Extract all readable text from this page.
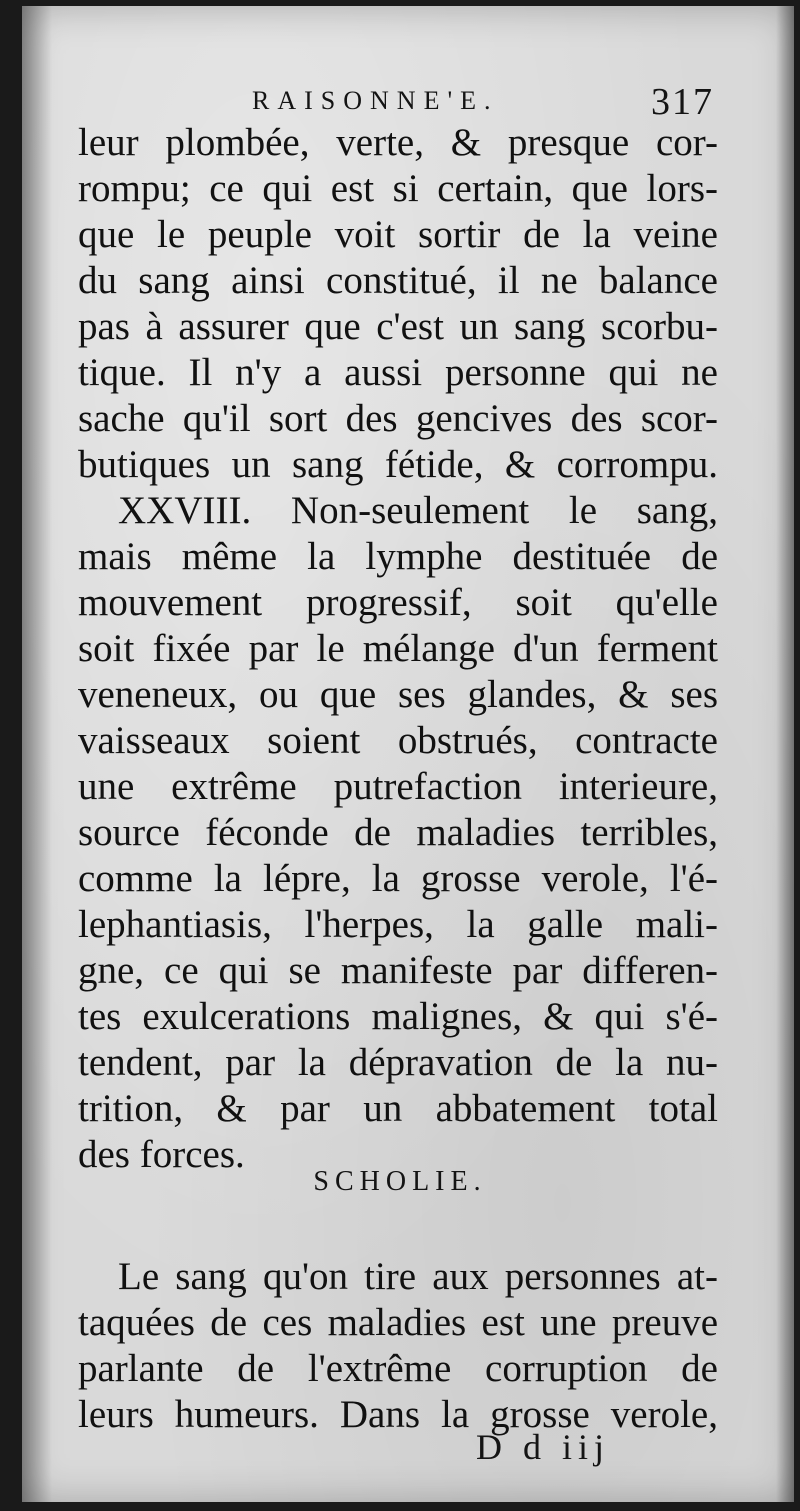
RAISONNE'E.	317
leur plombée, verte, & presque cor-
rompu; ce qui est si certain, que lors-
que le peuple voit sortir de la veine
du sang ainsi constitué, il ne balance
pas à assurer que c'est un sang scorbu-
tique. Il n'y a aussi personne qui ne
sache qu'il sort des gencives des scor-
butiques un sang fétide, & corrompu.
XXVIII. Non-seulement le sang,
mais même la lymphe destituée de
mouvement progressif, soit qu'elle
soit fixée par le mélange d'un ferment
veneneux, ou que ses glandes, & ses
vaisseaux soient obstrués, contracte
une extrême putrefaction interieure,
source féconde de maladies terribles,
comme la lépre, la grosse verole, l'é-
lephantiasis, l'herpes, la galle mali-
gne, ce qui se manifeste par differen-
tes exulcerations malignes, & qui s'é-
tendent, par la dépravation de la nu-
trition, & par un abbatement total
des forces.
SCHOLIE.
Le sang qu'on tire aux personnes at-
taquées de ces maladies est une preuve
parlante de l'extrême corruption de
leurs humeurs. Dans la grosse verole,
D d iij
